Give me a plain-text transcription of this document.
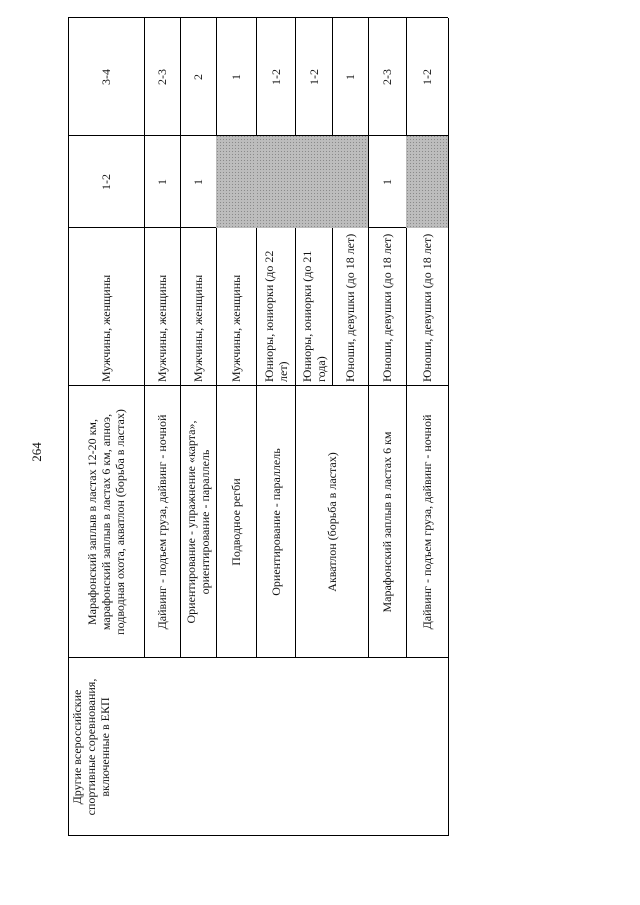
264
Другие всероссийские спортивные соревнования, включенные в ЕКП
Марафонский заплыв в ластах 12-20 км, марафонский заплыв в ластах 6 км, апноэ, подводная охота, акватлон (борьба в ластах)
Мужчины, женщины
1-2
3-4
Дайвинг - подъем груза, дайвинг - ночной
Мужчины, женщины
1
2-3
Ориентирование - упражнение «карта», ориентирование - параллель
Мужчины, женщины
1
2
Подводное регби
Мужчины, женщины
1
Ориентирование - параллель
Юниоры, юниорки (до 22 лет)
1-2
Акватлон (борьба в ластах)
Юниоры, юниорки (до 21 года)
1-2
Юноши, девушки (до 18 лет)
1
Марафонский заплыв в ластах 6 км
Юноши, девушки (до 18 лет)
1
2-3
Дайвинг - подъем груза, дайвинг - ночной
Юноши, девушки (до 18 лет)
1-2
